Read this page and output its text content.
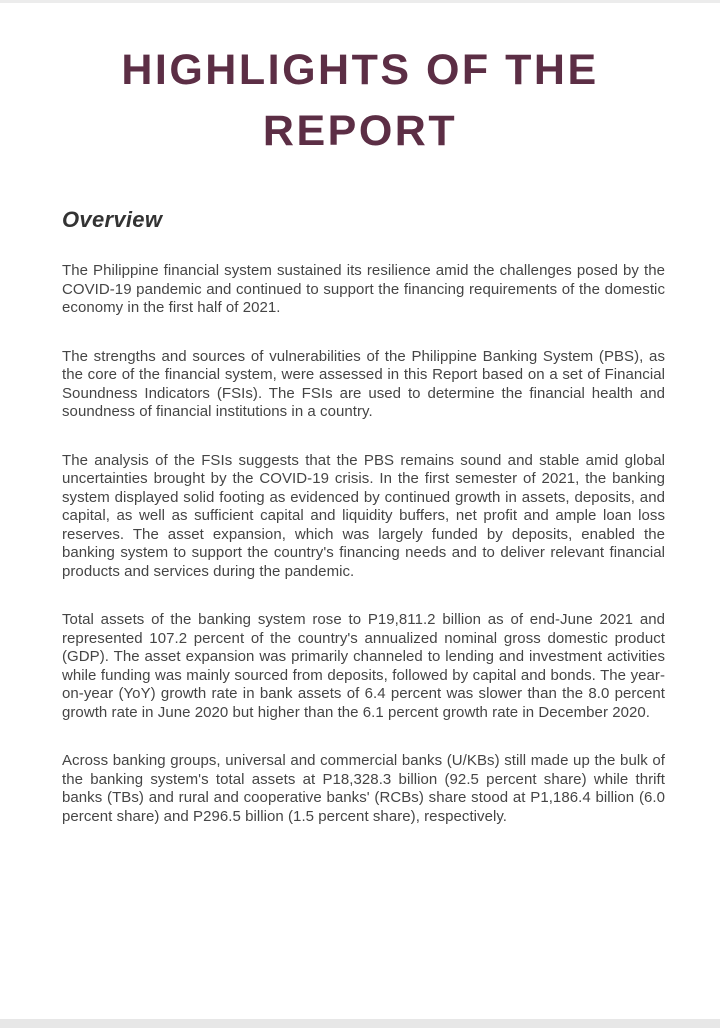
HIGHLIGHTS OF THE
REPORT
Overview

The Philippine financial system sustained its resilience amid the challenges posed by the COVID-19 pandemic and continued to support the financing requirements of the domestic economy in the first half of 2021.

The strengths and sources of vulnerabilities of the Philippine Banking System (PBS), as the core of the financial system, were assessed in this Report based on a set of Financial Soundness Indicators (FSIs). The FSIs are used to determine the financial health and soundness of financial institutions in a country.

The analysis of the FSIs suggests that the PBS remains sound and stable amid global uncertainties brought by the COVID-19 crisis. In the first semester of 2021, the banking system displayed solid footing as evidenced by continued growth in assets, deposits, and capital, as well as sufficient capital and liquidity buffers, net profit and ample loan loss reserves. The asset expansion, which was largely funded by deposits, enabled the banking system to support the country's financing needs and to deliver relevant financial products and services during the pandemic.

Total assets of the banking system rose to P19,811.2 billion as of end-June 2021 and represented 107.2 percent of the country's annualized nominal gross domestic product (GDP). The asset expansion was primarily channeled to lending and investment activities while funding was mainly sourced from deposits, followed by capital and bonds. The year-on-year (YoY) growth rate in bank assets of 6.4 percent was slower than the 8.0 percent growth rate in June 2020 but higher than the 6.1 percent growth rate in December 2020.

Across banking groups, universal and commercial banks (U/KBs) still made up the bulk of the banking system's total assets at P18,328.3 billion (92.5 percent share) while thrift banks (TBs) and rural and cooperative banks' (RCBs) share stood at P1,186.4 billion (6.0 percent share) and P296.5 billion (1.5 percent share), respectively.
